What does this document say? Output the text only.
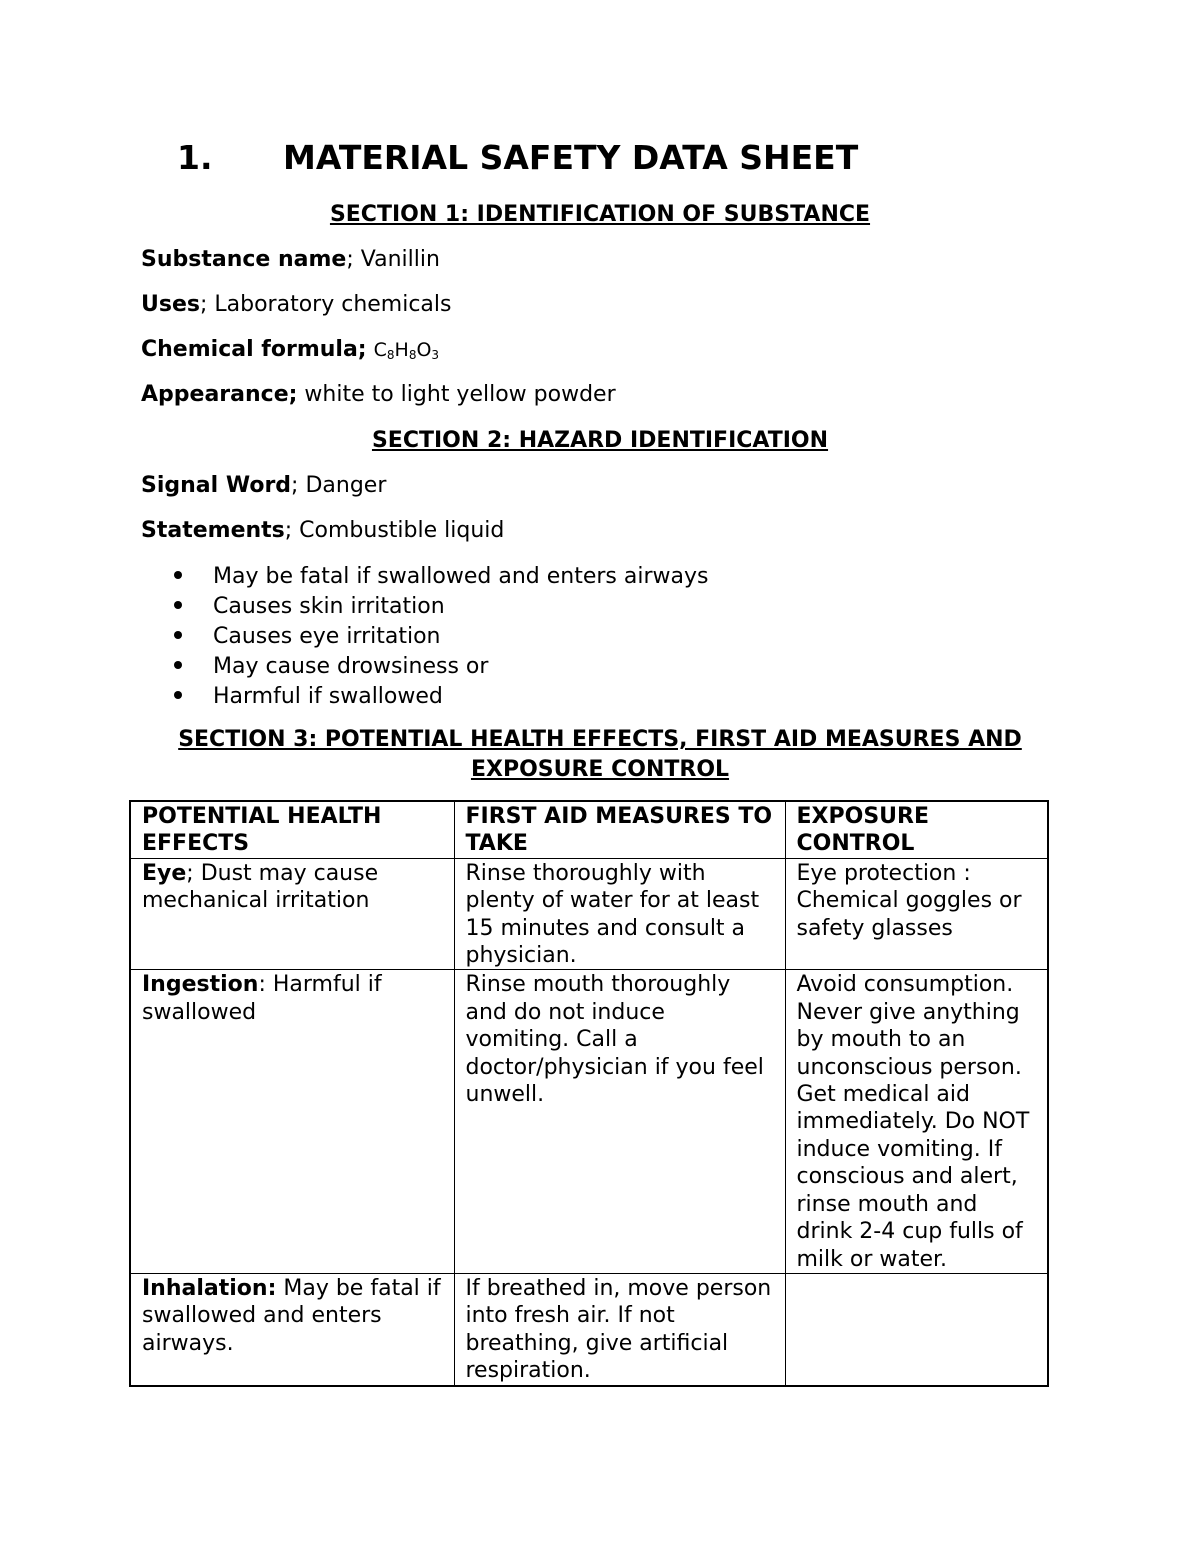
1. MATERIAL SAFETY DATA SHEET
SECTION 1: IDENTIFICATION OF SUBSTANCE

Substance name; Vanillin

Uses; Laboratory chemicals

Chemical formula; C8H8O3

Appearance; white to light yellow powder

SECTION 2: HAZARD IDENTIFICATION

Signal Word; Danger

Statements; Combustible liquid

May be fatal if swallowed and enters airways
Causes skin irritation
Causes eye irritation
May cause drowsiness or
Harmful if swallowed
SECTION 3: POTENTIAL HEALTH EFFECTS, FIRST AID MEASURES AND
EXPOSURE CONTROL
POTENTIAL HEALTH EFFECTS	FIRST AID MEASURES TO TAKE	EXPOSURE CONTROL
Eye; Dust may cause mechanical irritation	Rinse thoroughly with plenty of water for at least 15 minutes and consult a physician.	Eye protection : Chemical goggles or safety glasses
Ingestion: Harmful if swallowed	Rinse mouth thoroughly and do not induce vomiting. Call a doctor/physician if you feel unwell.	Avoid consumption. Never give anything by mouth to an unconscious person. Get medical aid immediately. Do NOT induce vomiting. If conscious and alert, rinse mouth and drink 2-4 cup fulls of milk or water.
Inhalation: May be fatal if swallowed and enters airways.	If breathed in, move person into fresh air. If not breathing, give artificial respiration.	
